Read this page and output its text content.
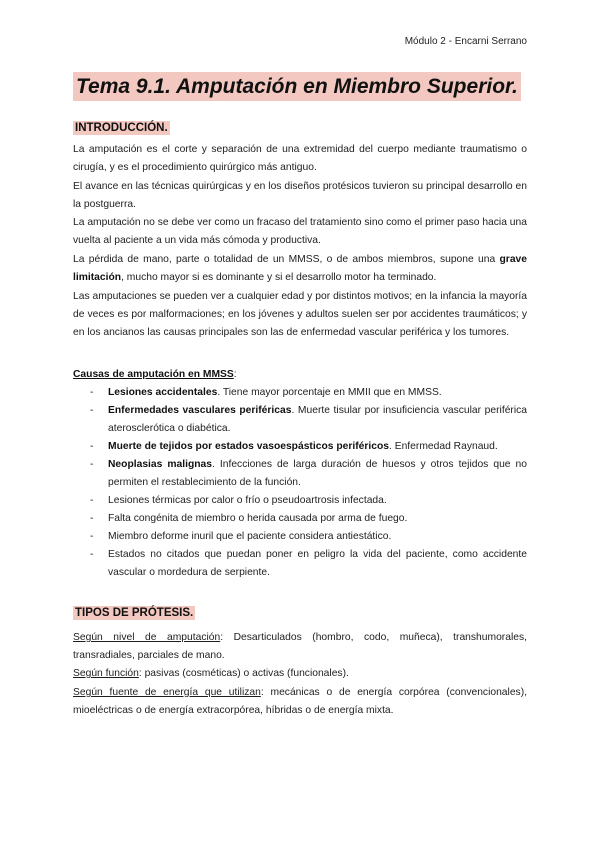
Módulo 2 - Encarni Serrano
Tema 9.1. Amputación en Miembro Superior.
INTRODUCCIÓN.
La amputación es el corte y separación de una extremidad del cuerpo mediante traumatismo o cirugía, y es el procedimiento quirúrgico más antiguo.
El avance en las técnicas quirúrgicas y en los diseños protésicos tuvieron su principal desarrollo en la postguerra.
La amputación no se debe ver como un fracaso del tratamiento sino como el primer paso hacia una vuelta al paciente a un vida más cómoda y productiva.
La pérdida de mano, parte o totalidad de un MMSS, o de ambos miembros, supone una grave limitación, mucho mayor si es dominante y si el desarrollo motor ha terminado.
Las amputaciones se pueden ver a cualquier edad y por distintos motivos; en la infancia la mayoría de veces es por malformaciones; en los jóvenes y adultos suelen ser por accidentes traumáticos; y en los ancianos las causas principales son las de enfermedad vascular periférica y los tumores.
Causas de amputación en MMSS:
- Lesiones accidentales. Tiene mayor porcentaje en MMII que en MMSS.
- Enfermedades vasculares periféricas. Muerte tisular por insuficiencia vascular periférica aterosclerótica o diabética.
- Muerte de tejidos por estados vasoespásticos periféricos. Enfermedad Raynaud.
- Neoplasias malignas. Infecciones de larga duración de huesos y otros tejidos que no permiten el restablecimiento de la función.
- Lesiones térmicas por calor o frío o pseudoartrosis infectada.
- Falta congénita de miembro o herida causada por arma de fuego.
- Miembro deforme inuril que el paciente considera antiestático.
- Estados no citados que puedan poner en peligro la vida del paciente, como accidente vascular o mordedura de serpiente.
TIPOS DE PRÓTESIS.
Según nivel de amputación: Desarticulados (hombro, codo, muñeca), transhumorales, transradiales, parciales de mano.
Según función: pasivas (cosméticas) o activas (funcionales).
Según fuente de energía que utilizan: mecánicas o de energía corpórea (convencionales), mioeléctricas o de energía extracorpórea, híbridas o de energía mixta.
